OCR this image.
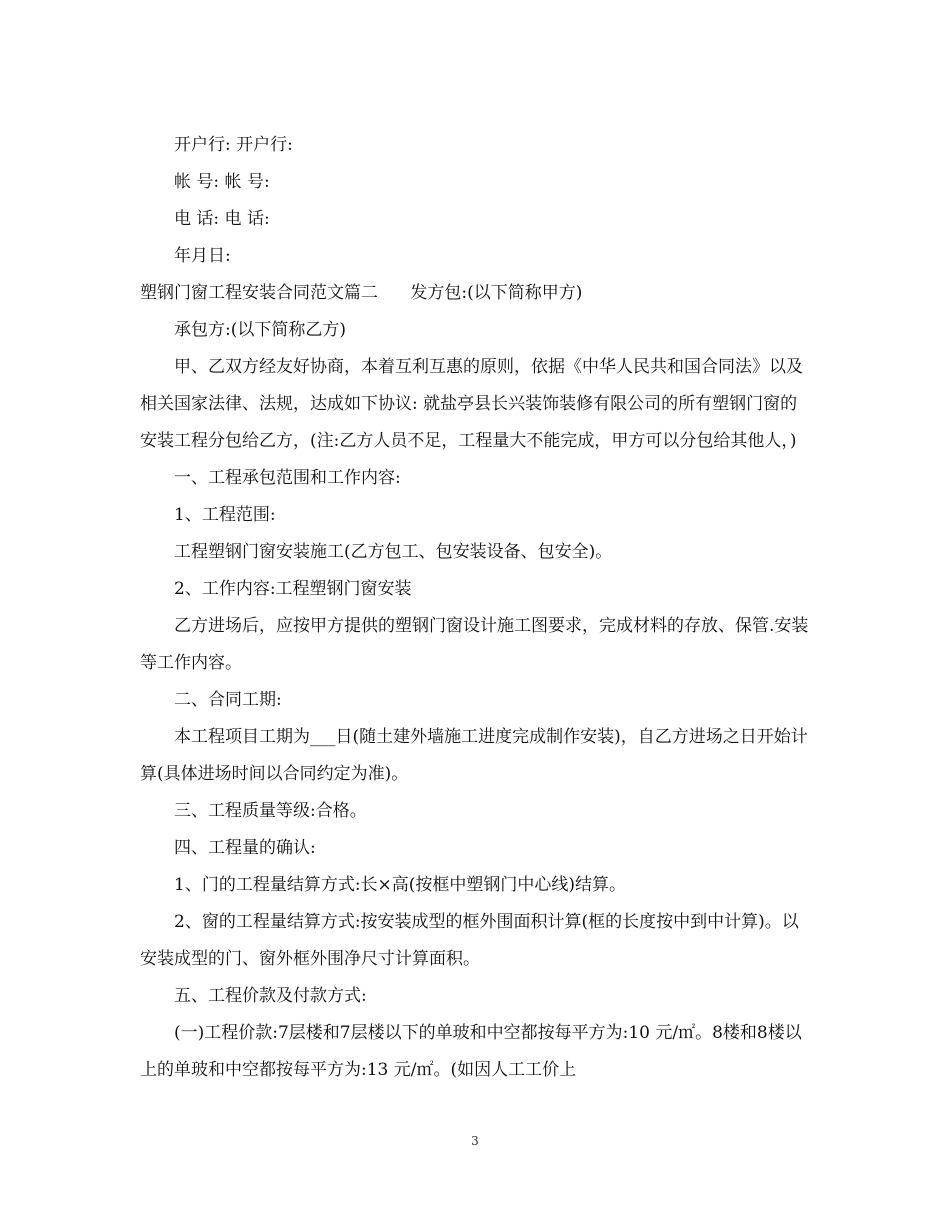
开户行: 开户行:

帐 号: 帐 号:

电 话: 电 话:

年月日:

塑钢门窗工程安装合同范文篇二      发方包:(以下简称甲方)

承包方:(以下简称乙方)

甲、乙双方经友好协商，本着互利互惠的原则，依据《中华人民共和国合同法》以及相关国家法律、法规，达成如下协议: 就盐亭县长兴装饰装修有限公司的所有塑钢门窗的安装工程分包给乙方，(注:乙方人员不足，工程量大不能完成，甲方可以分包给其他人，)

一、工程承包范围和工作内容:

1、工程范围:

工程塑钢门窗安装施工(乙方包工、包安装设备、包安全)。

2、工作内容:工程塑钢门窗安装

乙方进场后，应按甲方提供的塑钢门窗设计施工图要求，完成材料的存放、保管.安装等工作内容。

二、合同工期:

本工程项目工期为___日(随土建外墙施工进度完成制作安装)，自乙方进场之日开始计算(具体进场时间以合同约定为准)。

三、工程质量等级:合格。

四、工程量的确认:

1、门的工程量结算方式:长×高(按框中塑钢门中心线)结算。

2、窗的工程量结算方式:按安装成型的框外围面积计算(框的长度按中到中计算)。以安装成型的门、窗外框外围净尺寸计算面积。

五、工程价款及付款方式:

(一)工程价款:7层楼和7层楼以下的单玻和中空都按每平方为:10 元/㎡。8楼和8楼以上的单玻和中空都按每平方为:13 元/㎡。(如因人工工价上

3
